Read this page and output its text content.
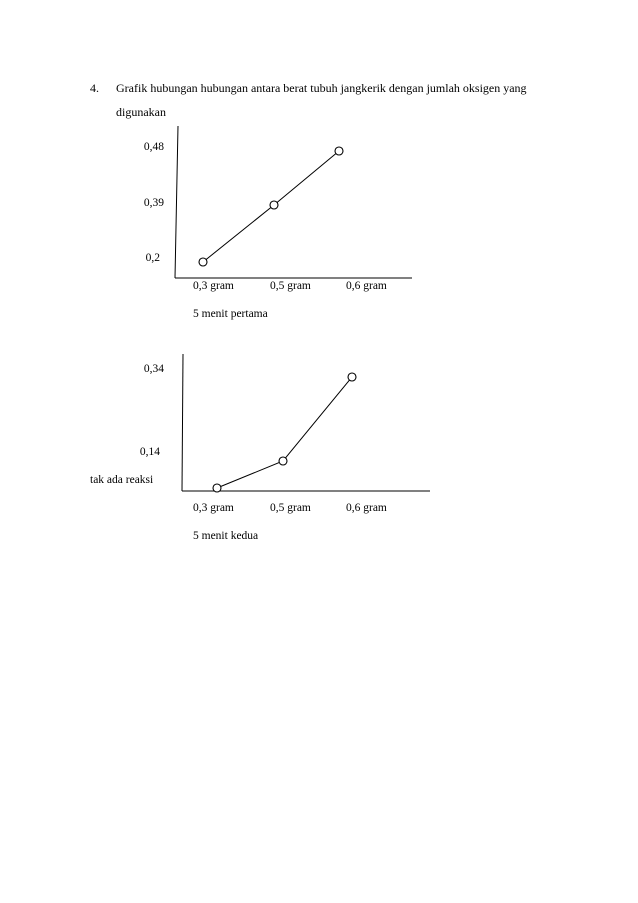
4. Grafik hubungan hubungan antara berat tubuh jangkerik dengan jumlah oksigen yang
digunakan
0,48
0,39
0,2
0,3 gram	0,5 gram	0,6 gram
5 menit pertama
0,34
0,14
tak ada reaksi
0,3 gram	0,5 gram	0,6 gram
5 menit kedua
